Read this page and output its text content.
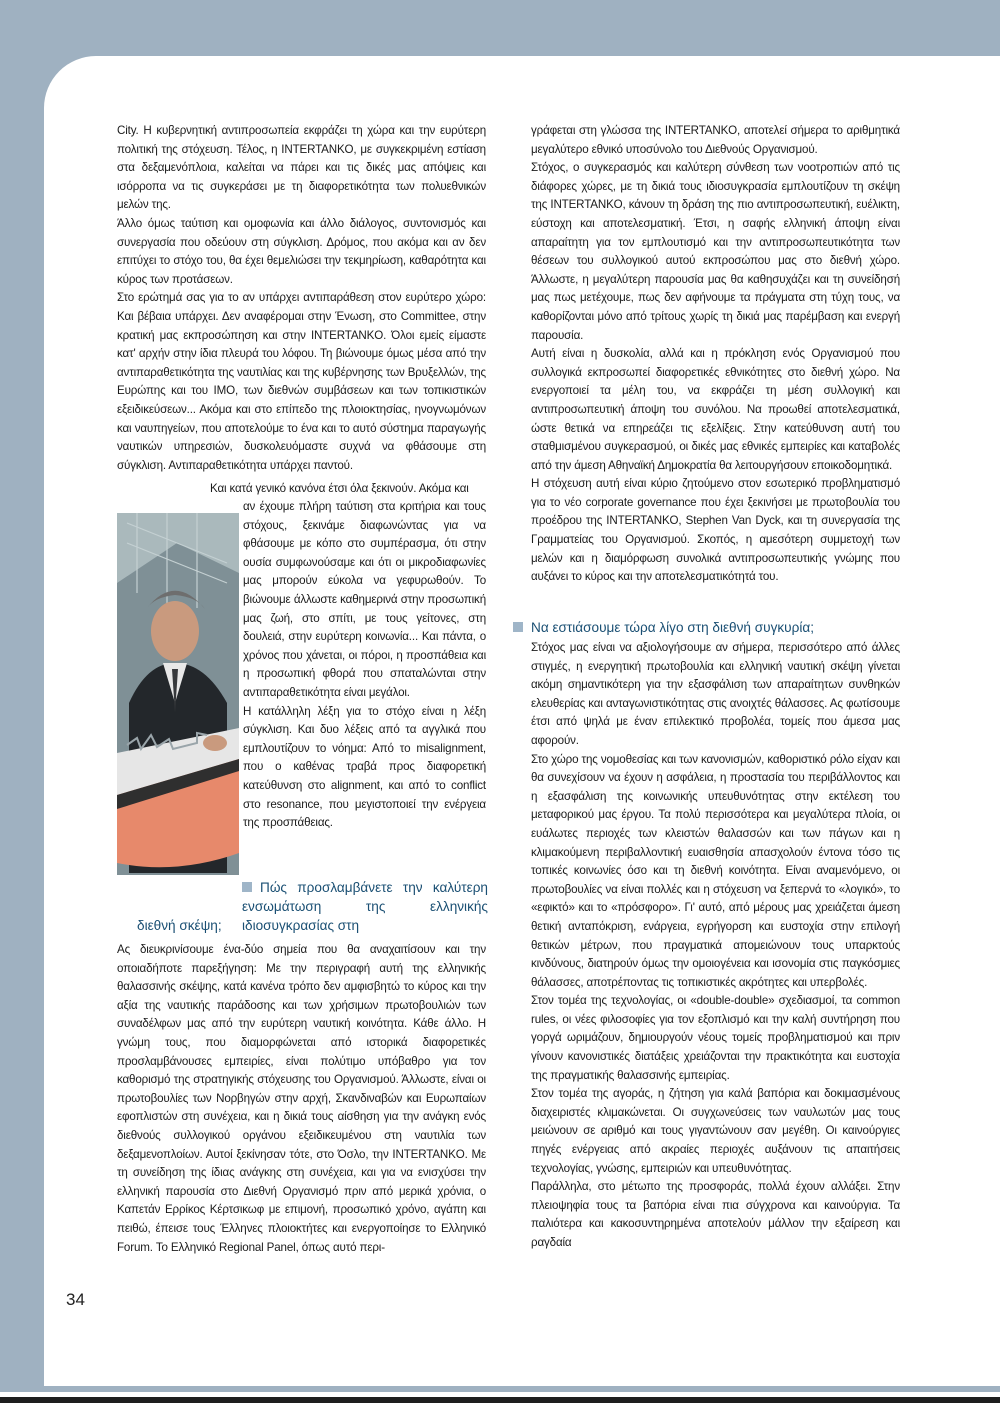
City. Η κυβερνητική αντιπροσωπεία εκφράζει τη χώρα και την ευρύτερη πολιτική της στόχευση. Τέλος, η INTERTANKO, με συγκεκριμένη εστίαση στα δεξαμενόπλοια, καλείται να πάρει και τις δικές μας απόψεις και ισόρροπα να τις συγκεράσει με τη διαφορετικότητα των πολυεθνικών μελών της.

Άλλο όμως ταύτιση και ομοφωνία και άλλο διάλογος, συντονισμός και συνεργασία που οδεύουν στη σύγκλιση. Δρόμος, που ακόμα και αν δεν επιτύχει το στόχο του, θα έχει θεμελιώσει την τεκμηρίωση, καθαρότητα και κύρος των προτάσεων.

Στο ερώτημά σας για το αν υπάρχει αντιπαράθεση στον ευρύτερο χώρο: Και βέβαια υπάρχει. Δεν αναφέρομαι στην Ένωση, στο Committee, στην κρατική μας εκπροσώπηση και στην INTERTANKO. Όλοι εμείς είμαστε κατ' αρχήν στην ίδια πλευρά του λόφου. Τη βιώνουμε όμως μέσα από την αντιπαραθετικότητα της ναυτιλίας και της κυβέρνησης των Βρυξελλών, της Ευρώπης και του IMO, των διεθνών συμβάσεων και των τοπικιστικών εξειδικεύσεων... Ακόμα και στο επίπεδο της πλοιοκτησίας, ηνογνωμόνων και ναυπηγείων, που αποτελούμε το ένα και το αυτό σύστημα παραγωγής ναυτικών υπηρεσιών, δυσκολευόμαστε συχνά να φθάσουμε στη σύγκλιση. Αντιπαραθετικότητα υπάρχει παντού.

Και κατά γενικό κανόνα έτσι όλα ξεκινούν. Ακόμα και

αν έχουμε πλήρη ταύτιση στα κριτήρια και τους στόχους, ξεκινάμε διαφωνώντας για να φθάσουμε με κόπο στο συμπέρασμα, ότι στην ουσία συμφωνούσαμε και ότι οι μικροδιαφωνίες μας μπορούν εύκολα να γεφυρωθούν. Το βιώνουμε άλλωστε καθημερινά στην προσωπική μας ζωή, στο σπίτι, με τους γείτονες, στη δουλειά, στην ευρύτερη κοινωνία... Και πάντα, ο χρόνος που χάνεται, οι πόροι, η προσπάθεια και η προσωπική φθορά που σπαταλώνται στην αντιπαραθετικότητα είναι μεγάλοι.

Η κατάλληλη λέξη για το στόχο είναι η λέξη σύγκλιση. Και δυο λέξεις από τα αγγλικά που εμπλουτίζουν το νόημα: Από το misalignment, που ο καθένας τραβά προς διαφορετική κατεύθυνση στο alignment, και από το conflict στο resonance, που μεγιστοποιεί την ενέργεια της προσπάθειας.

Πώς προσλαμβάνετε την καλύτερη ενσωμάτωση της ελληνικής ιδιοσυγκρασίας στη
διεθνή σκέψη;

Ας διευκρινίσουμε ένα-δύο σημεία που θα αναχαιτίσουν και την οποιαδήποτε παρεξήγηση: Με την περιγραφή αυτή της ελληνικής θαλασσινής σκέψης, κατά κανένα τρόπο δεν αμφισβητώ το κύρος και την αξία της ναυτικής παράδοσης και των χρήσιμων πρωτοβουλιών των συναδέλφων μας από την ευρύτερη ναυτική κοινότητα. Κάθε άλλο. Η γνώμη τους, που διαμορφώνεται από ιστορικά διαφορετικές προσλαμβάνουσες εμπειρίες, είναι πολύτιμο υπόβαθρο για τον καθορισμό της στρατηγικής στόχευσης του Οργανισμού. Άλλωστε, είναι οι πρωτοβουλίες των Νορβηγών στην αρχή, Σκανδιναβών και Ευρωπαίων εφοπλιστών στη συνέχεια, και η δικιά τους αίσθηση για την ανάγκη ενός διεθνούς συλλογικού οργάνου εξειδικευμένου στη ναυτιλία των δεξαμενοπλοίων. Αυτοί ξεκίνησαν τότε, στο Όσλο, την INTERTANKO. Με τη συνείδηση της ίδιας ανάγκης στη συνέχεια, και για να ενισχύσει την ελληνική παρουσία στο Διεθνή Οργανισμό πριν από μερικά χρόνια, ο Καπετάν Ερρίκος Κέρτσικωφ με επιμονή, προσωπικό χρόνο, αγάπη και πειθώ, έπεισε τους Έλληνες πλοιοκτήτες και ενεργοποίησε το Ελληνικό Forum. Το Ελληνικό Regional Panel, όπως αυτό περι-

γράφεται στη γλώσσα της INTERTANKO, αποτελεί σήμερα το αριθμητικά μεγαλύτερο εθνικό υποσύνολο του Διεθνούς Οργανισμού.

Στόχος, ο συγκερασμός και καλύτερη σύνθεση των νοοτροπιών από τις διάφορες χώρες, με τη δικιά τους ιδιοσυγκρασία εμπλουτίζουν τη σκέψη της INTERTANKO, κάνουν τη δράση της πιο αντιπροσωπευτική, ευέλικτη, εύστοχη και αποτελεσματική. Έτσι, η σαφής ελληνική άποψη είναι απαραίτητη για τον εμπλουτισμό και την αντιπροσωπευτικότητα των θέσεων του συλλογικού αυτού εκπροσώπου μας στο διεθνή χώρο. Άλλωστε, η μεγαλύτερη παρουσία μας θα καθησυχάζει και τη συνείδησή μας πως μετέχουμε, πως δεν αφήνουμε τα πράγματα στη τύχη τους, να καθορίζονται μόνο από τρίτους χωρίς τη δικιά μας παρέμβαση και ενεργή παρουσία.

Αυτή είναι η δυσκολία, αλλά και η πρόκληση ενός Οργανισμού που συλλογικά εκπροσωπεί διαφορετικές εθνικότητες στο διεθνή χώρο. Να ενεργοποιεί τα μέλη του, να εκφράζει τη μέση συλλογική και αντιπροσωπευτική άποψη του συνόλου. Να προωθεί αποτελεσματικά, ώστε θετικά να επηρεάζει τις εξελίξεις. Στην κατεύθυνση αυτή του σταθμισμένου συγκερασμού, οι δικές μας εθνικές εμπειρίες και καταβολές από την άμεση Αθηναϊκή Δημοκρατία θα λειτουργήσουν εποικοδομητικά.

Η στόχευση αυτή είναι κύριο ζητούμενο στον εσωτερικό προβληματισμό για το νέο corporate governance που έχει ξεκινήσει με πρωτοβουλία του προέδρου της INTERTANKO, Stephen Van Dyck, και τη συνεργασία της Γραμματείας του Οργανισμού. Σκοπός, η αμεσότερη συμμετοχή των μελών και η διαμόρφωση συνολικά αντιπροσωπευτικής γνώμης που αυξάνει το κύρος και την αποτελεσματικότητά του.

Να εστιάσουμε τώρα λίγο στη διεθνή συγκυρία;

Στόχος μας είναι να αξιολογήσουμε αν σήμερα, περισσότερο από άλλες στιγμές, η ενεργητική πρωτοβουλία και ελληνική ναυτική σκέψη γίνεται ακόμη σημαντικότερη για την εξασφάλιση των απαραίτητων συνθηκών ελευθερίας και ανταγωνιστικότητας στις ανοιχτές θάλασσες. Ας φωτίσουμε έτσι από ψηλά με έναν επιλεκτικό προβολέα, τομείς που άμεσα μας αφορούν.

Στο χώρο της νομοθεσίας και των κανονισμών, καθοριστικό ρόλο είχαν και θα συνεχίσουν να έχουν η ασφάλεια, η προστασία του περιβάλλοντος και η εξασφάλιση της κοινωνικής υπευθυνότητας στην εκτέλεση του μεταφορικού μας έργου. Τα πολύ περισσότερα και μεγαλύτερα πλοία, οι ευάλωτες περιοχές των κλειστών θαλασσών και των πάγων και η κλιμακούμενη περιβαλλοντική ευαισθησία απασχολούν έντονα τόσο τις τοπικές κοινωνίες όσο και τη διεθνή κοινότητα. Είναι αναμενόμενο, οι πρωτοβουλίες να είναι πολλές και η στόχευση να ξεπερνά το «λογικό», το «εφικτό» και το «πρόσφορο». Γι' αυτό, από μέρους μας χρειάζεται άμεση θετική ανταπόκριση, ενάργεια, εγρήγορση και ευστοχία στην επιλογή θετικών μέτρων, που πραγματικά απομειώνουν τους υπαρκτούς κινδύνους, διατηρούν όμως την ομοιογένεια και ισονομία στις παγκόσμιες θάλασσες, αποτρέποντας τις τοπικιστικές ακρότητες και υπερβολές.

Στον τομέα της τεχνολογίας, οι «double-double» σχεδιασμοί, τα common rules, οι νέες φιλοσοφίες για τον εξοπλισμό και την καλή συντήρηση που γοργά ωριμάζουν, δημιουργούν νέους τομείς προβληματισμού και πριν γίνουν κανονιστικές διατάξεις χρειάζονται την πρακτικότητα και ευστοχία της πραγματικής θαλασσινής εμπειρίας.

Στον τομέα της αγοράς, η ζήτηση για καλά βαπόρια και δοκιμασμένους διαχειριστές κλιμακώνεται. Οι συγχωνεύσεις των ναυλωτών μας τους μειώνουν σε αριθμό και τους γιγαντώνουν σαν μεγέθη. Οι καινούργιες πηγές ενέργειας από ακραίες περιοχές αυξάνουν τις απαιτήσεις τεχνολογίας, γνώσης, εμπειριών και υπευθυνότητας.

Παράλληλα, στο μέτωπο της προσφοράς, πολλά έχουν αλλάξει. Στην πλειοψηφία τους τα βαπόρια είναι πια σύγχρονα και καινούργια. Τα παλιότερα και κακοσυντηρημένα αποτελούν μάλλον την εξαίρεση και ραγδαία

34
